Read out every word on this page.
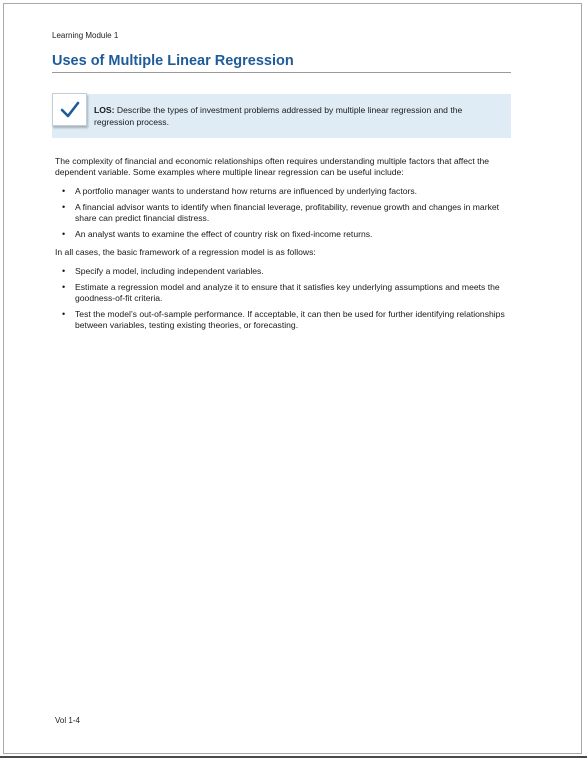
Learning Module 1
Uses of Multiple Linear Regression
LOS: Describe the types of investment problems addressed by multiple linear regression and the regression process.

The complexity of financial and economic relationships often requires understanding multiple factors that affect the dependent variable. Some examples where multiple linear regression can be useful include:

• A portfolio manager wants to understand how returns are influenced by underlying factors.
• A financial advisor wants to identify when financial leverage, profitability, revenue growth and changes in market share can predict financial distress.
• An analyst wants to examine the effect of country risk on fixed-income returns.

In all cases, the basic framework of a regression model is as follows:

• Specify a model, including independent variables.
• Estimate a regression model and analyze it to ensure that it satisfies key underlying assumptions and meets the goodness-of-fit criteria.
• Test the model’s out-of-sample performance. If acceptable, it can then be used for further identifying relationships between variables, testing existing theories, or forecasting.
Vol 1-4
